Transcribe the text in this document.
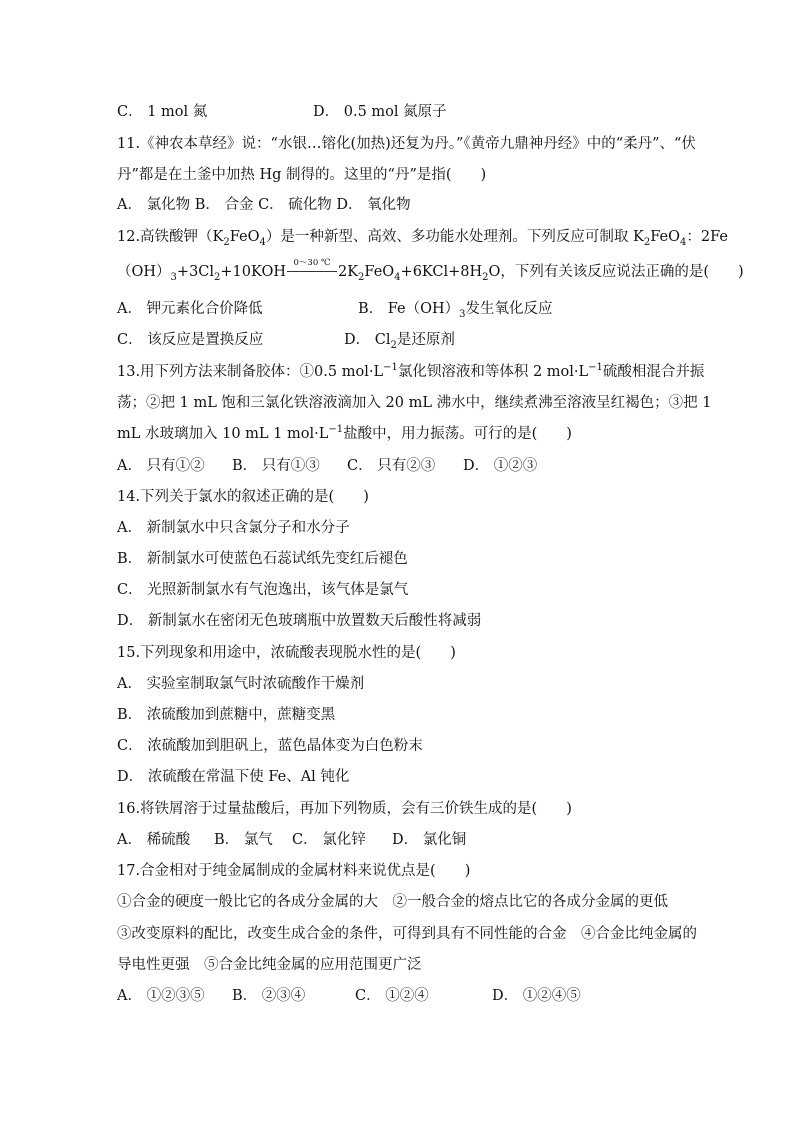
C． 1 mol 氮	D． 0.5 mol 氮原子
11.《神农本草经》说：“水银…镕化(加热)还复为丹。”《黄帝九鼎神丹经》中的“柔丹”、“伏
丹”都是在土釜中加热 Hg 制得的。这里的“丹”是指(　　)
A． 氯化物 B． 合金 C． 硫化物 D． 氧化物
12.高铁酸钾$(K_2FeO_4)$是一种新型、高效、多功能水处理剂。下列反应可制取 $K_2FeO_4$：2Fe
$(OH)_3+3Cl_2+10KOH$
0～30 ℃
$2K_2FeO_4+6KCl+8H_2O$，下列有关该反应说法正确的是(　　)
A． 钾元素化合价降低	B． $Fe(OH)_3$发生氧化反应
C． 该反应是置换反应	D． $Cl_2$是还原剂
13.用下列方法来制备胶体：①0.5 $mol\cdot L^{-1}$氯化钡溶液和等体积 2 $mol\cdot L^{-1}$硫酸相混合并振
荡；②把 1 mL 饱和三氯化铁溶液滴加入 20 mL 沸水中，继续煮沸至溶液呈红褐色；③把 1
mL 水玻璃加入 10 mL 1 $mol\cdot L^{-1}$盐酸中，用力振荡。可行的是(　　)
A． 只有①② B． 只有①③ C． 只有②③ D． ①②③
14.下列关于氯水的叙述正确的是(　　)
A． 新制氯水中只含氯分子和水分子
B． 新制氯水可使蓝色石蕊试纸先变红后褪色
C． 光照新制氯水有气泡逸出，该气体是氯气
D． 新制氯水在密闭无色玻璃瓶中放置数天后酸性将减弱
15.下列现象和用途中，浓硫酸表现脱水性的是(　　)
A． 实验室制取氯气时浓硫酸作干燥剂
B． 浓硫酸加到蔗糖中，蔗糖变黑
C． 浓硫酸加到胆矾上，蓝色晶体变为白色粉末
D． 浓硫酸在常温下使 Fe、Al 钝化
16.将铁屑溶于过量盐酸后，再加下列物质，会有三价铁生成的是(　　)
A． 稀硫酸 B． 氯气 C． 氯化锌 D． 氯化铜
17.合金相对于纯金属制成的金属材料来说优点是(　　)
①合金的硬度一般比它的各成分金属的大　②一般合金的熔点比它的各成分金属的更低
③改变原料的配比，改变生成合金的条件，可得到具有不同性能的合金　④合金比纯金属的
导电性更强　⑤合金比纯金属的应用范围更广泛
A． ①②③⑤ B． ②③④	C． ①②④	D． ①②④⑤
